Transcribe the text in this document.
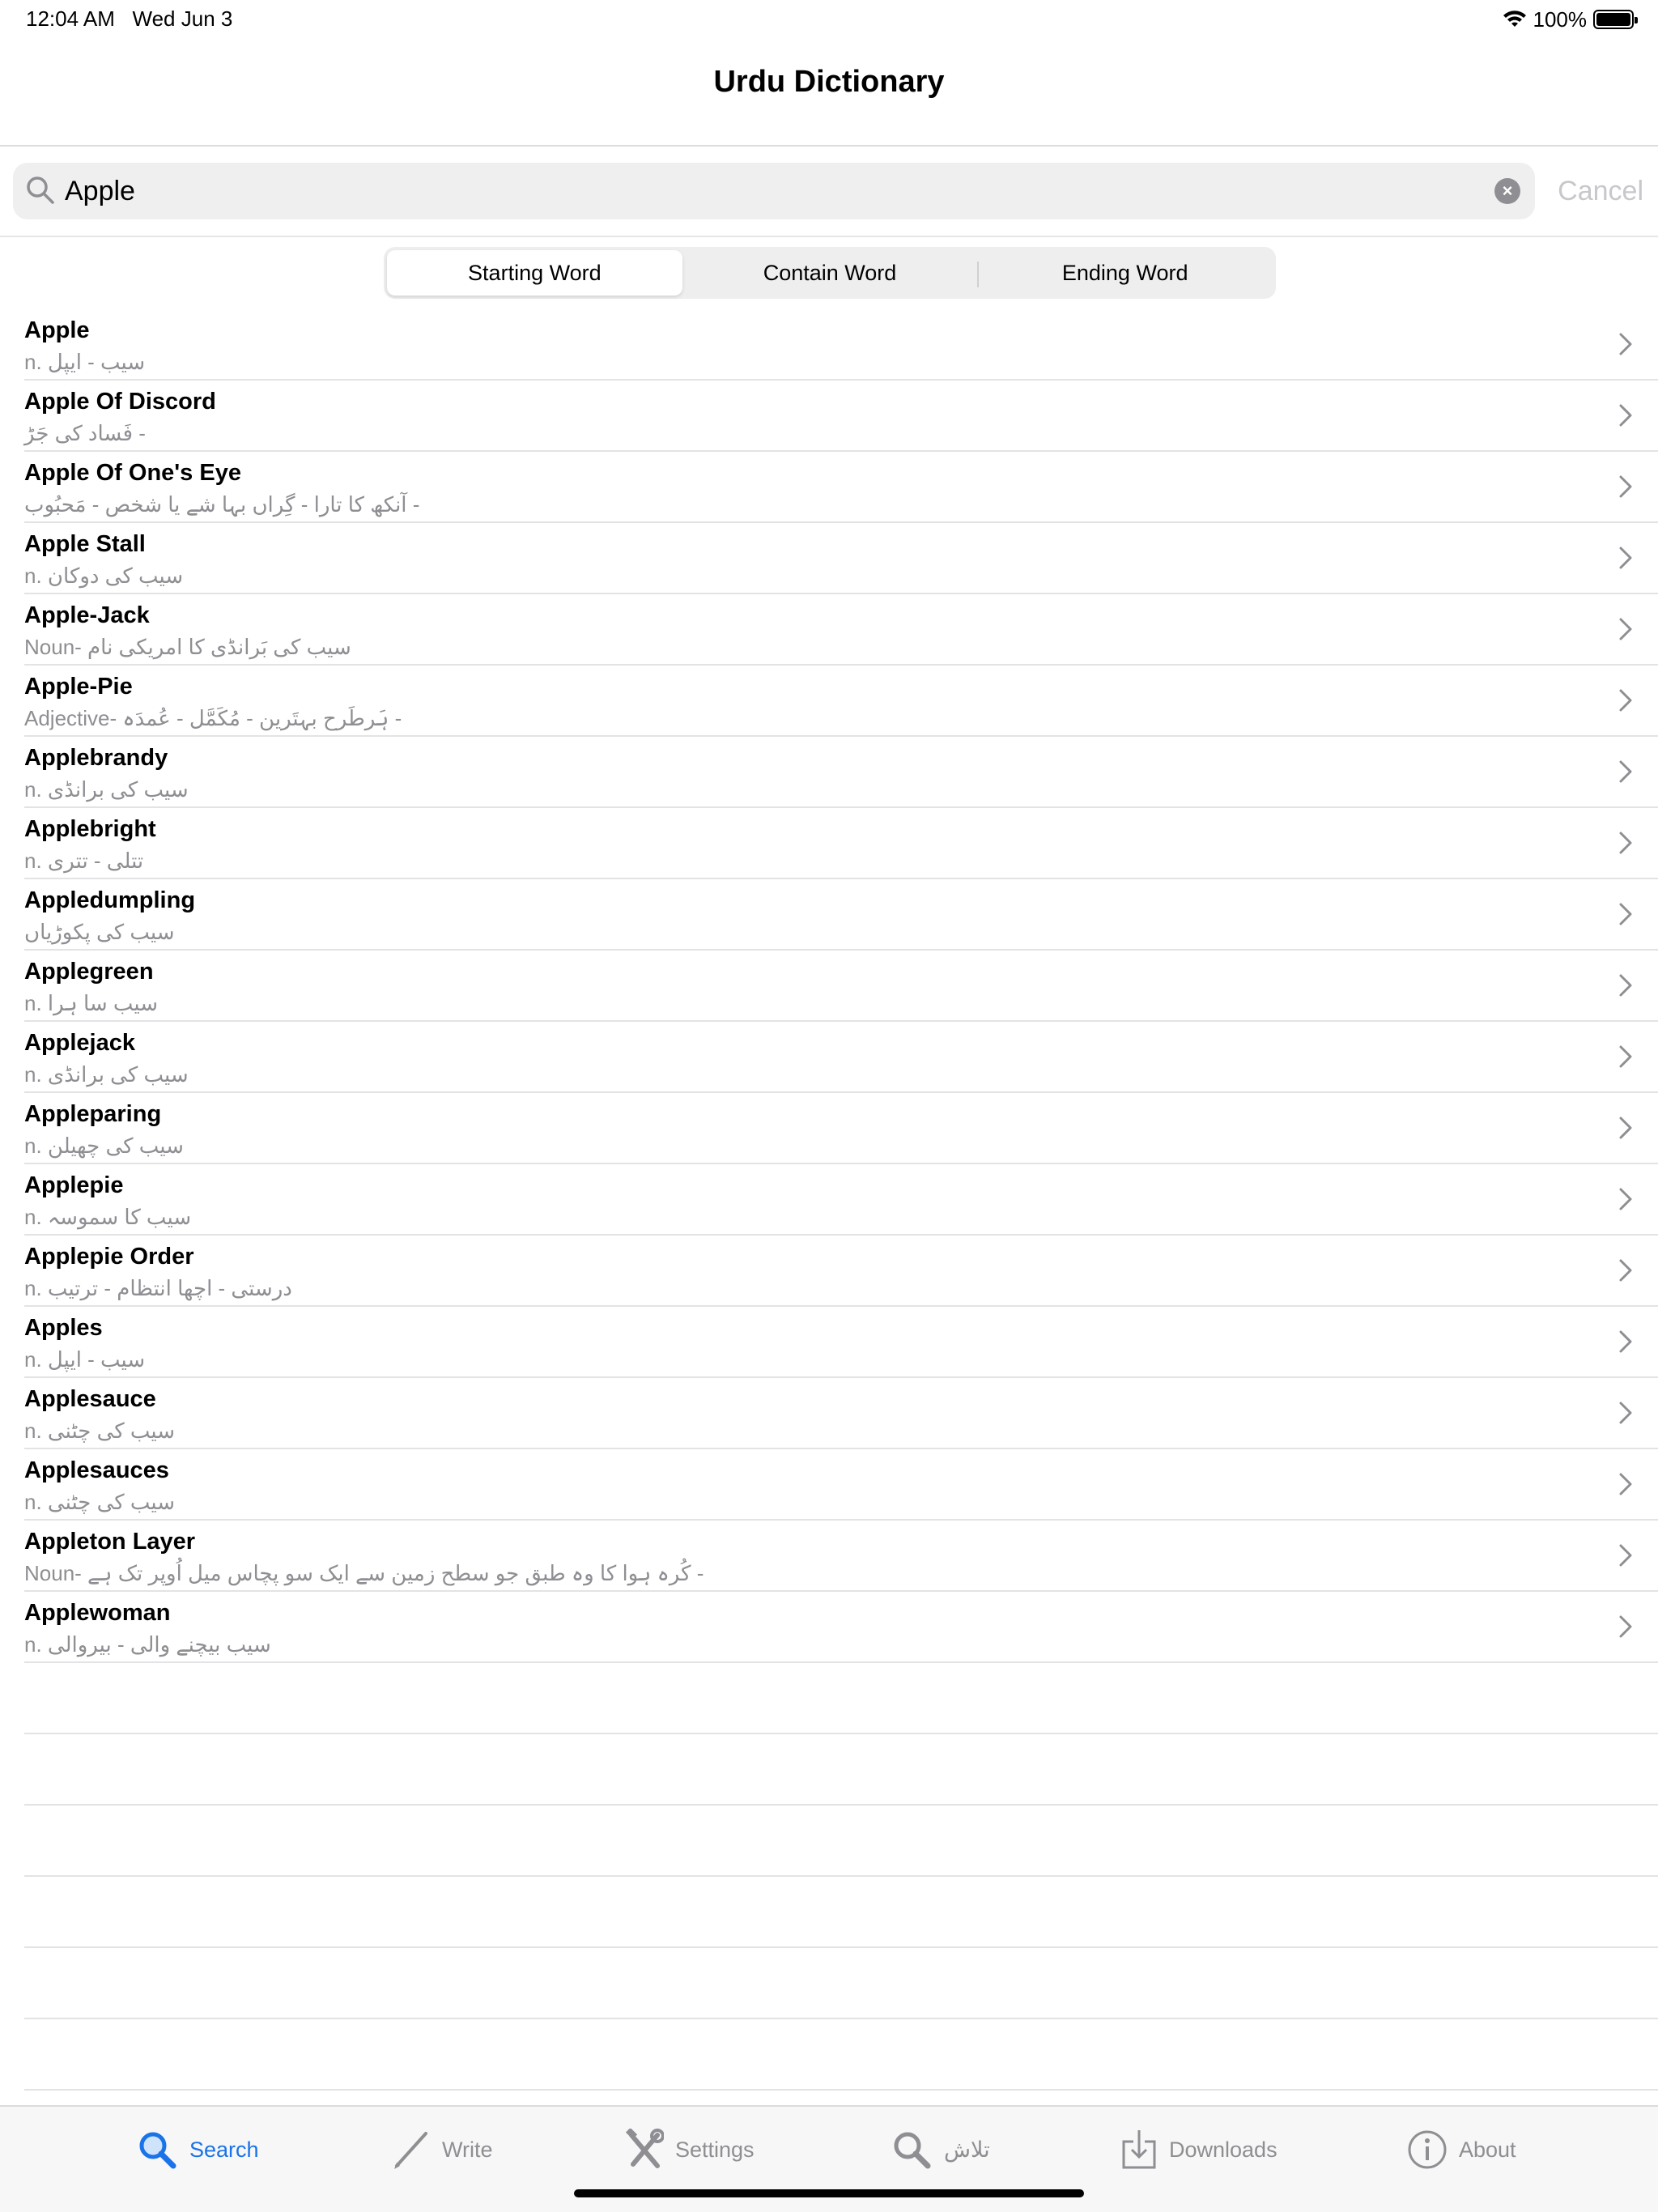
12:04 AM Wed Jun 3	100%
Urdu Dictionary
Apple
× Cancel
Starting Word	Contain Word	Ending Word
Apple
n. سیب - ایپل
Apple Of Discord
فَساد کی جَڑ -
Apple Of One's Eye
آنکھ کا تارا - گِراں بہا شے یا شخص - مَحبُوب -
Apple Stall
n. سیب کی دوکان
Apple-Jack
Noun- سیب کی بَرانڈی کا امریکی نام
Apple-Pie
Adjective- ہَرطَرح بہتَرین - مُکَمَّل - عُمدَہ -
Applebrandy
n. سیب کی برانڈی
Applebright
n. تتلی - تتری
Appledumpling
سیب کی پکوڑیاں
Applegreen
n. سیب سا ہرا
Applejack
n. سیب کی برانڈی
Appleparing
n. سیب کی چھیلن
Applepie
n. سیب کا سموسہ
Applepie Order
n. درستی - اچھا انتظام - ترتیب
Apples
n. سیب - ایپل
Applesauce
n. سیب کی چٹنی
Applesauces
n. سیب کی چٹنی
Appleton Layer
Noun- کُرہ ہوا کا وہ طبق جو سطح زمین سے ایک سو پچاس میل اُوپر تک ہے -
Applewoman
n. سیب بیچنے والی - بیروالی
Search	Write	Settings	تلاش	Downloads	About
